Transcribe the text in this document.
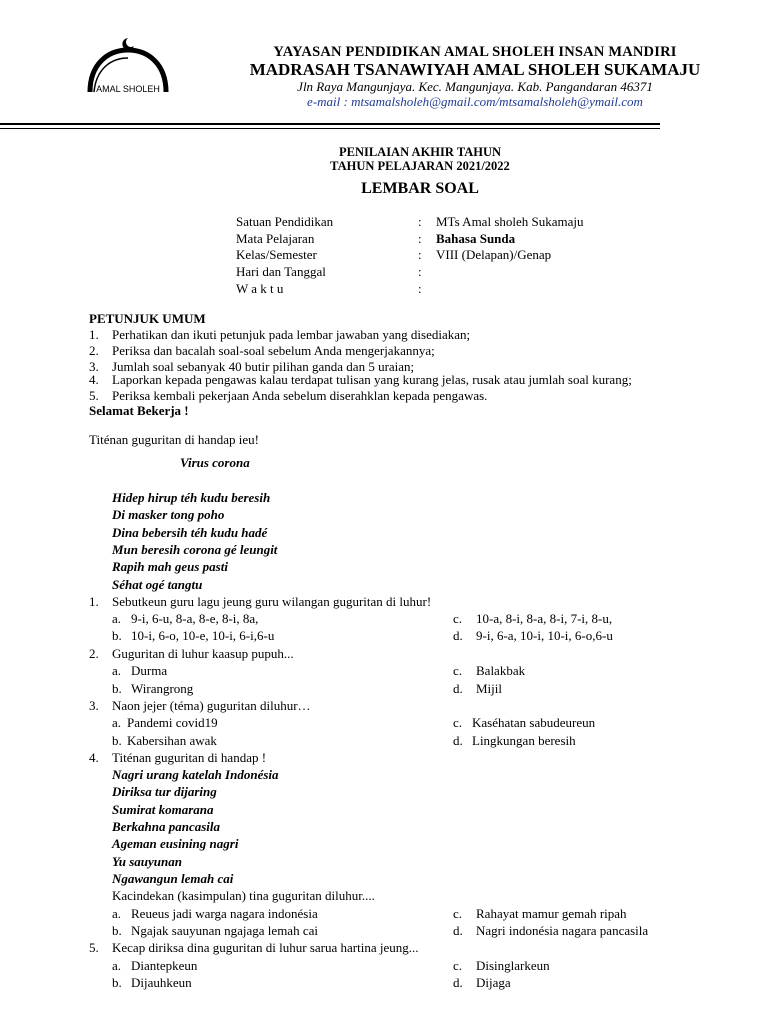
AMAL SHOLEH
YAYASAN PENDIDIKAN AMAL SHOLEH INSAN MANDIRI
MADRASAH TSANAWIYAH AMAL SHOLEH SUKAMAJU
Jln Raya Mangunjaya. Kec. Mangunjaya. Kab. Pangandaran 46371
e-mail : mtsamalsholeh@gmail.com/mtsamalsholeh@ymail.com
PENILAIAN AKHIR TAHUN
TAHUN PELAJARAN 2021/2022
LEMBAR SOAL
Satuan Pendidikan	: MTs Amal sholeh Sukamaju
Mata Pelajaran	: Bahasa Sunda
Kelas/Semester	: VIII (Delapan)/Genap
Hari dan Tanggal	:
W a k t u	:
PETUNJUK UMUM
1. Perhatikan dan ikuti petunjuk pada lembar jawaban yang disediakan;
2. Periksa dan bacalah soal-soal sebelum Anda mengerjakannya;
3. Jumlah soal sebanyak 40 butir pilihan ganda dan 5 uraian;
4. Laporkan kepada pengawas kalau terdapat tulisan yang kurang jelas, rusak atau jumlah soal kurang;
5. Periksa kembali pekerjaan Anda sebelum diserahklan kepada pengawas.
Selamat Bekerja !
Titénan guguritan di handap ieu!
Virus corona
Hidep hirup téh kudu beresih
Di masker tong poho
Dina bebersih téh kudu hadé
Mun beresih corona gé leungit
Rapih mah geus pasti
Séhat ogé tangtu
1. Sebutkeun guru lagu jeung guru wilangan guguritan di luhur!
a. 9-i, 6-u, 8-a, 8-e, 8-i, 8a,
b. 10-i, 6-o, 10-e, 10-i, 6-i,6-u
c. 10-a, 8-i, 8-a, 8-i, 7-i, 8-u,
d. 9-i, 6-a, 10-i, 10-i, 6-o,6-u
2. Guguritan di luhur kaasup pupuh...
a. Durma
b. Wirangrong
c. Balakbak
d. Mijil
3. Naon jejer (téma) guguritan diluhur…
a. Pandemi covid19
b. Kabersihan awak
c. Kaséhatan sabudeureun
d. Lingkungan beresih
4. Titénan guguritan di handap !
Nagri urang katelah Indonésia
Diriksa tur dijaring
Sumirat komarana
Berkahna pancasila
Ageman eusining nagri
Yu sauyunan
Ngawangun lemah cai
Kacindekan (kasimpulan) tina guguritan diluhur....
a. Reueus jadi warga nagara indonésia
b. Ngajak sauyunan ngajaga lemah cai
c. Rahayat mamur gemah ripah
d. Nagri indonésia nagara pancasila
5. Kecap diriksa dina guguritan di luhur sarua hartina jeung...
a. Diantepkeun
b. Dijauhkeun
c. Disinglarkeun
d. Dijaga
